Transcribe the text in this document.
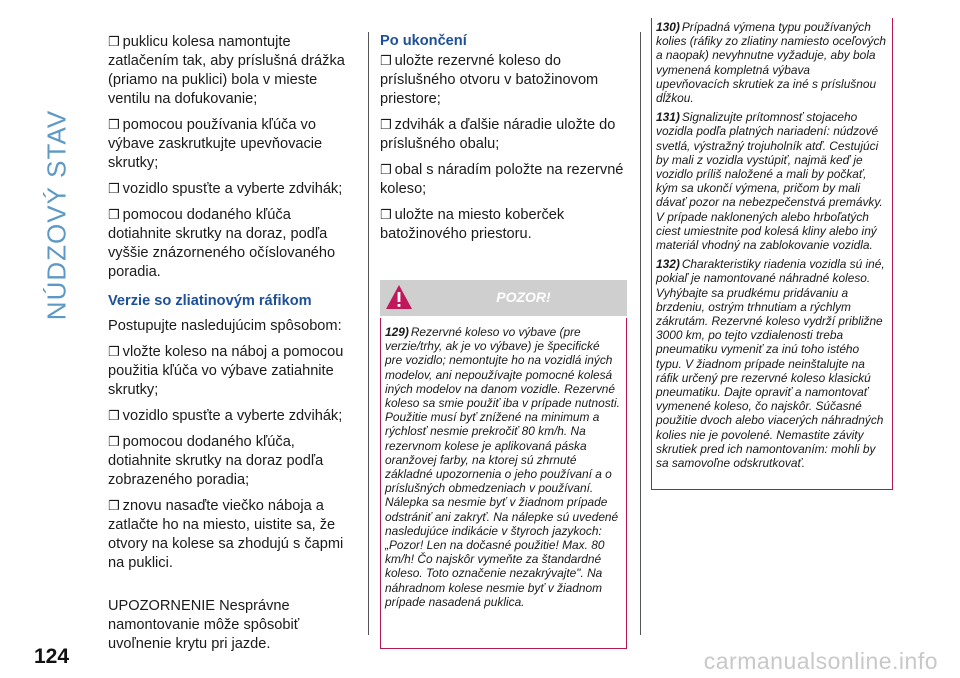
NÚDZOVÝ STAV
124	carmanualsonline.info

❒ puklicu kolesa namontujte zatlačením tak, aby príslušná drážka (priamo na puklici) bola v mieste ventilu na dofukovanie;

❒ pomocou používania kľúča vo výbave zaskrutkujte upevňovacie skrutky;

❒ vozidlo spusťte a vyberte zdvihák;

❒ pomocou dodaného kľúča dotiahnite skrutky na doraz, podľa vyššie znázorneného očíslovaného poradia.

Verzie so zliatinovým ráfikom

Postupujte nasledujúcim spôsobom:

❒ vložte koleso na náboj a pomocou použitia kľúča vo výbave zatiahnite skrutky;

❒ vozidlo spusťte a vyberte zdvihák;

❒ pomocou dodaného kľúča, dotiahnite skrutky na doraz podľa zobrazeného poradia;

❒ znovu nasaďte viečko náboja a zatlačte ho na miesto, uistite sa, že otvory na kolese sa zhodujú s čapmi na puklici.

UPOZORNENIE Nesprávne namontovanie môže spôsobiť uvoľnenie krytu pri jazde.

Po ukončení

❒ uložte rezervné koleso do príslušného otvoru v batožinovom priestore;

❒ zdvihák a ďalšie náradie uložte do príslušného obalu;

❒ obal s náradím položte na rezervné koleso;

❒ uložte na miesto koberček batožinového priestoru.

POZOR!

129) Rezervné koleso vo výbave (pre verzie/trhy, ak je vo výbave) je špecifické pre vozidlo; nemontujte ho na vozidlá iných modelov, ani nepoužívajte pomocné kolesá iných modelov na danom vozidle. Rezervné koleso sa smie použiť iba v prípade nutnosti. Použitie musí byť znížené na minimum a rýchlosť nesmie prekročiť 80 km/h. Na rezervnom kolese je aplikovaná páska oranžovej farby, na ktorej sú zhrnuté základné upozornenia o jeho používaní a o príslušných obmedzeniach v používaní. Nálepka sa nesmie byť v žiadnom prípade odstrániť ani zakryť. Na nálepke sú uvedené nasledujúce indikácie v štyroch jazykoch: „Pozor! Len na dočasné použitie! Max. 80 km/h! Čo najskôr vymeňte za štandardné koleso. Toto označenie nezakrývajte". Na náhradnom kolese nesmie byť v žiadnom prípade nasadená puklica.

130) Prípadná výmena typu používaných kolies (ráfiky zo zliatiny namiesto oceľových a naopak) nevyhnutne vyžaduje, aby bola vymenená kompletná výbava upevňovacích skrutiek za iné s príslušnou dĺžkou.

131) Signalizujte prítomnosť stojaceho vozidla podľa platných nariadení: núdzové svetlá, výstražný trojuholník atď. Cestujúci by mali z vozidla vystúpiť, najmä keď je vozidlo príliš naložené a mali by počkať, kým sa ukončí výmena, pričom by mali dávať pozor na nebezpečenstvá premávky. V prípade naklonených alebo hrboľatých ciest umiestnite pod kolesá kliny alebo iný materiál vhodný na zablokovanie vozidla.

132) Charakteristiky riadenia vozidla sú iné, pokiaľ je namontované náhradné koleso. Vyhýbajte sa prudkému pridávaniu a brzdeniu, ostrým trhnutiam a rýchlym zákrutám. Rezervné koleso vydrží približne 3000 km, po tejto vzdialenosti treba pneumatiku vymeniť za inú toho istého typu. V žiadnom prípade neinštalujte na ráfik určený pre rezervné koleso klasickú pneumatiku. Dajte opraviť a namontovať vymenené koleso, čo najskôr. Súčasné použitie dvoch alebo viacerých náhradných kolies nie je povolené. Nemastite závity skrutiek pred ich namontovaním: mohli by sa samovoľne odskrutkovať.
